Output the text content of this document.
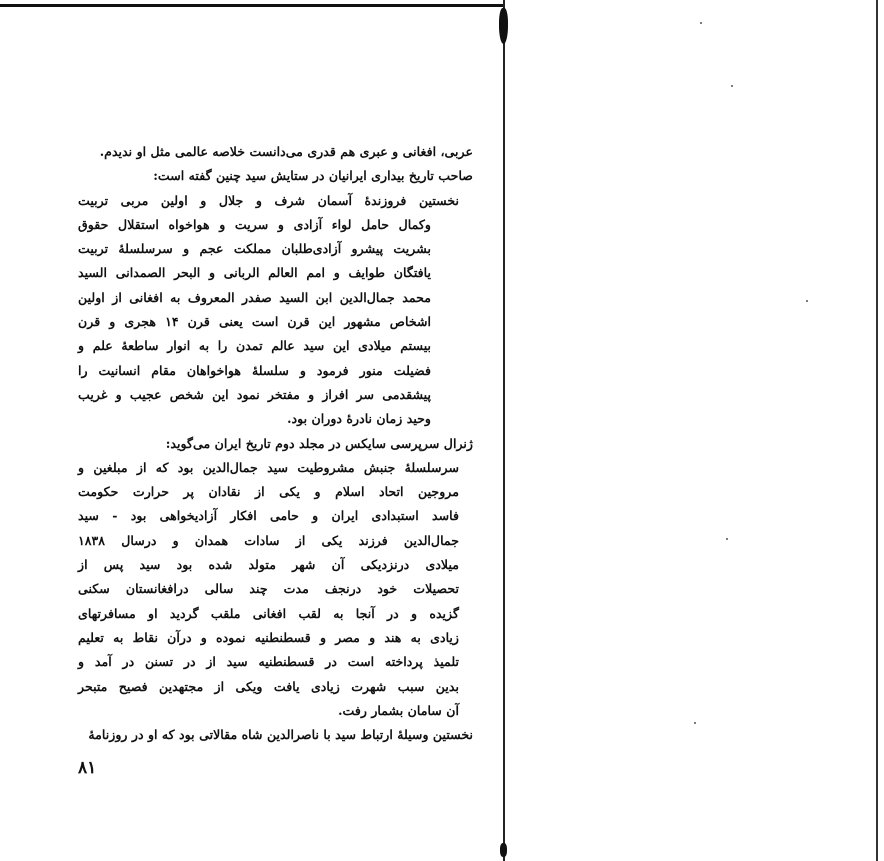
عربی، افغانی و عبری هم قدری می‌دانست خلاصه عالمی مثل او ندیدم.
صاحب تاریخ بیداری ایرانیان در ستایش سید چنین گفته است:
نخستین فروزندهٔ آسمان شرف و جلال و اولین مربی تربیت
وکمال حامل لواء آزادی و سریت و هواخواه استقلال حقوق
بشریت پیشرو آزادی‌طلبان مملکت عجم و سرسلسلهٔ تربیت
یافتگان طوایف و امم العالم الربانی و البحر الصمدانی السید
محمد جمال‌الدین ابن السید صفدر المعروف به افغانی از اولین
اشخاص مشهور این قرن است یعنی قرن ۱۴ هجری و قرن
بیستم میلادی این سید عالم تمدن را به انوار ساطعهٔ علم و
فضیلت منور فرمود و سلسلهٔ هواخواهان مقام انسانیت را
پیشقدمی سر افراز و مفتخر نمود این شخص عجیب و غریب
وحید زمان نادرهٔ دوران بود.
ژنرال سرپرسی سایکس در مجلد دوم تاریخ ایران می‌گوید:
سرسلسلهٔ جنبش مشروطیت سید جمال‌الدین بود که از مبلغین و
مروجین اتحاد اسلام و یکی از نقادان پر حرارت حکومت
فاسد استبدادی ایران و حامی افکار آزادیخواهی بود - سید
جمال‌الدین فرزند یکی از سادات همدان و درسال ۱۸۳۸
میلادی درنزدیکی آن شهر متولد شده بود سید پس از
تحصیلات خود درنجف مدت چند سالی درافغانستان سکنی
گزیده و در آنجا به لقب افغانی ملقب گردید او مسافرتهای
زیادی به هند و مصر و قسطنطنیه نموده و درآن نقاط به تعلیم
تلمیذ پرداخته است در قسطنطنیه سید از در تسنن در آمد و
بدین سبب شهرت زیادی یافت ویکی از مجتهدین فصیح متبحر
آن سامان بشمار رفت.
نخستین وسیلهٔ ارتباط سید با ناصرالدین شاه مقالاتی بود که او در روزنامهٔ
۸۱
